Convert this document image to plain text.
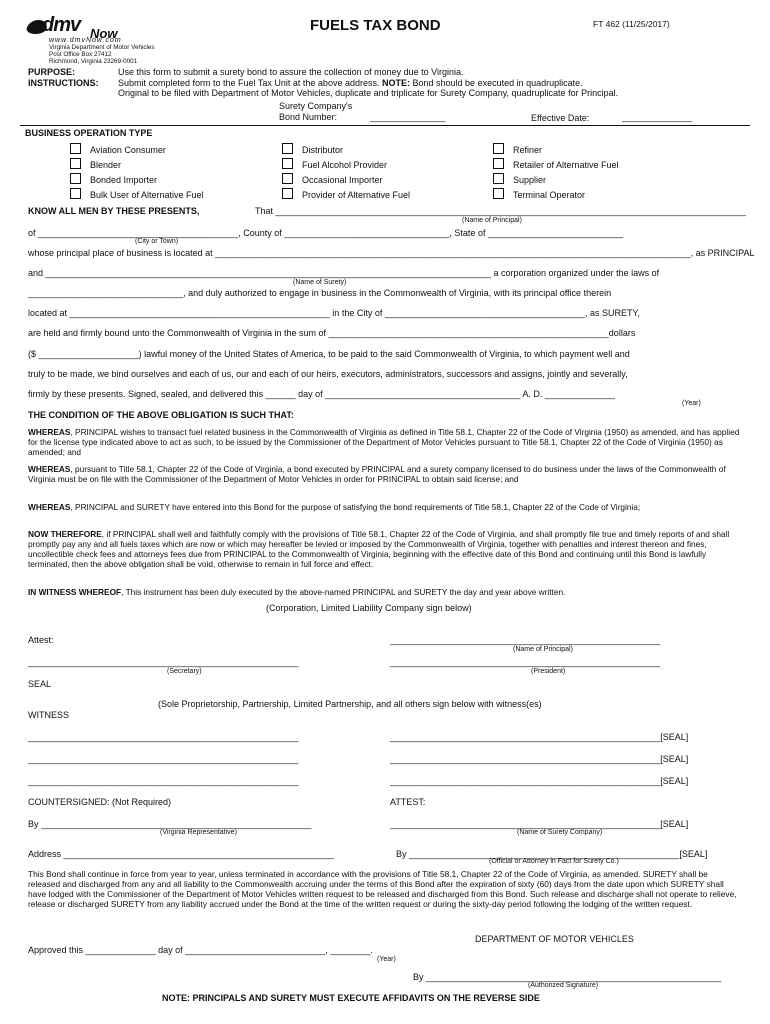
dmv Now
www.dmvNow.com
Virginia Department of Motor Vehicles
Post Office Box 27412
Richmond, Virginia 23269-0001
FUELS TAX BOND	FT 462 (11/25/2017)
PURPOSE:	Use this form to submit a surety bond to assure the collection of money due to Virginia.
INSTRUCTIONS: Submit completed form to the Fuel Tax Unit at the above address. NOTE: Bond should be executed in quadruplicate.
Original to be filed with Department of Motor Vehicles, duplicate and triplicate for Surety Company, quadruplicate for Principal.
Surety Company's
Bond Number:	_______________	Effective Date:	______________
BUSINESS OPERATION TYPE
Aviation Consumer
Blender
Bonded Importer
Bulk User of Alternative Fuel
Distributor
Fuel Alcohol Provider
Occasional Importer
Provider of Alternative Fuel
Refiner
Retailer of Alternative Fuel
Supplier
Terminal Operator
KNOW ALL MEN BY THESE PRESENTS,	That ______________________________________________________________________________________________
(Name of Principal)
of ________________________________________, County of _________________________________, State of ___________________________
(City or Town)
whose principal place of business is located at _______________________________________________________________________________________________, as PRINCIPAL
and _________________________________________________________________________________________ a corporation organized under the laws of
(Name of Surety)
_______________________________, and duly authorized to engage in business in the Commonwealth of Virginia, with its principal office therein
located at ____________________________________________________ in the City of ________________________________________, as SURETY,
are held and firmly bound unto the Commonwealth of Virginia in the sum of ________________________________________________________dollars
($ ____________________) lawful money of the United States of America, to be paid to the said Commonwealth of Virginia, to which payment well and
truly to be made, we bind ourselves and each of us, our and each of our heirs, executors, administrators, successors and assigns, jointly and severally,
firmly by these presents. Signed, sealed, and delivered this ______ day of _______________________________________ A. D. ______________
(Year)
THE CONDITION OF THE ABOVE OBLIGATION IS SUCH THAT:
WHEREAS, PRINCIPAL wishes to transact fuel related business in the Commonwealth of Virginia as defined in Title 58.1, Chapter 22 of the Code of Virginia (1950) as amended, and has applied for the license type indicated above to act as such, to be issued by the Commissioner of the Department of Motor Vehicles pursuant to Title 58.1, Chapter 22 of the Code of Virginia (1950) as amended; and
WHEREAS, pursuant to Title 58.1, Chapter 22 of the Code of Virginia, a bond executed by PRINCIPAL and a surety company licensed to do business under the laws of the Commonwealth of Virginia must be on file with the Commissioner of the Department of Motor Vehicles in order for PRINCIPAL to obtain said license; and
WHEREAS, PRINCIPAL and SURETY have entered into this Bond for the purpose of satisfying the bond requirements of Title 58.1, Chapter 22 of the Code of Virginia;
NOW THEREFORE, if PRINCIPAL shall well and faithfully comply with the provisions of Title 58.1, Chapter 22 of the Code of Virginia, and shall promptly file true and timely reports of and shall promptly pay any and all fuels taxes which are now or which may hereafter be levied or imposed by the Commonwealth of Virginia, together with penalties and interest thereon and fines, uncollectible check fees and attorneys fees due from PRINCIPAL to the Commonwealth of Virginia, beginning with the effective date of this Bond and continuing until this Bond is lawfully terminated, then the above obligation shall be void, otherwise to remain in full force and effect.
IN WITNESS WHEREOF, This instrument has been duly executed by the above-named PRINCIPAL and SURETY the day and year above written.
(Corporation, Limited Liability Company sign below)
Attest:	______________________________________________________
(Name of Principal)
______________________________________________________	______________________________________________________
(Secretary)	(President)
SEAL
(Sole Proprietorship, Partnership, Limited Partnership, and all others sign below with witness(es)
WITNESS
______________________________________________________	______________________________________________________[SEAL]
______________________________________________________	______________________________________________________[SEAL]
______________________________________________________	______________________________________________________[SEAL]
COUNTERSIGNED: (Not Required)	ATTEST:
By ______________________________________________________	______________________________________________________[SEAL]
(Virginia Representative)	(Name of Surety Company)
Address ______________________________________________________	By ______________________________________________________[SEAL]
(Official or Attorney in Fact for Surety Co.)
This Bond shall continue in force from year to year, unless terminated in accordance with the provisions of Title 58.1, Chapter 22 of the Code of Virginia, as amended. SURETY shall be released and discharged from any and all liability to the Commonwealth accruing under the terms of this Bond after the expiration of sixty (60) days from the date upon which SURETY shall have lodged with the Commissioner of the Department of Motor Vehicles written request to be released and discharged from this Bond. Such release and discharge shall not operate to relieve, release or discharged SURETY from any liability accrued under the Bond at the time of the written request or during the sixty-day period following the lodging of the written request.
DEPARTMENT OF MOTOR VEHICLES
Approved this ______________ day of ____________________________, ________.
(Year)
By ___________________________________________________________
(Authorized Signature)
NOTE: PRINCIPALS AND SURETY MUST EXECUTE AFFIDAVITS ON THE REVERSE SIDE
